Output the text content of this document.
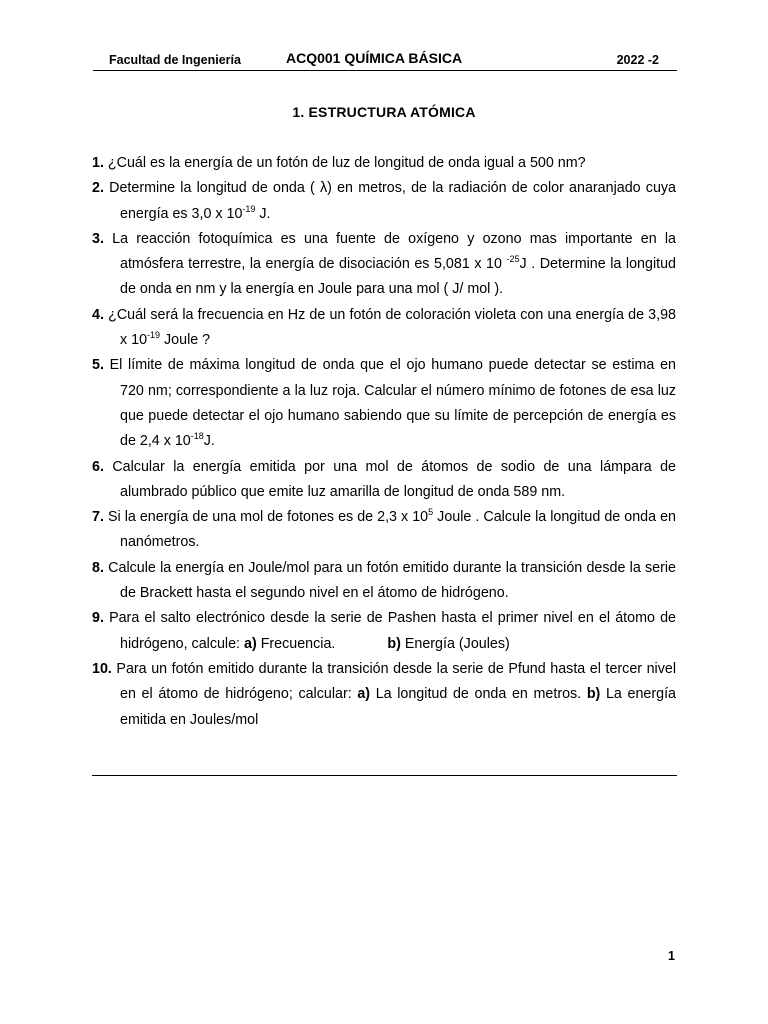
Facultad de Ingeniería	ACQ001 QUÍMICA BÁSICA	2022 -2
1. ESTRUCTURA ATÓMICA
1. ¿Cuál es la energía de un fotón de luz de longitud de onda igual a 500 nm?
2. Determine la longitud de onda ( λ) en metros, de la radiación de color anaranjado cuya energía es 3,0 x $10^{-19}$ J.
3. La reacción fotoquímica es una fuente de oxígeno y ozono mas importante en la atmósfera terrestre, la energía de disociación es 5,081 x 10 $^{-25}$J . Determine la longitud de onda en nm y la energía en Joule para una mol ( J/ mol ).
4. ¿Cuál será la frecuencia en Hz de un fotón de coloración violeta con una energía de 3,98 x $10^{-19}$ Joule ?
5. El límite de máxima longitud de onda que el ojo humano puede detectar se estima en 720 nm; correspondiente a la luz roja. Calcular el número mínimo de fotones de esa luz que puede detectar el ojo humano sabiendo que su límite de percepción de energía es de 2,4 x $10^{-18}J$.
6. Calcular la energía emitida por una mol de átomos de sodio de una lámpara de alumbrado público que emite luz amarilla de longitud de onda 589 nm.
7. Si la energía de una mol de fotones es de 2,3 x $10^5$ Joule . Calcule la longitud de onda en nanómetros.
8. Calcule la energía en Joule/mol para un fotón emitido durante la transición desde la serie de Brackett hasta el segundo nivel en el átomo de hidrógeno.
9. Para el salto electrónico desde la serie de Pashen hasta el primer nivel en el átomo de hidrógeno, calcule: a) Frecuencia.	b) Energía (Joules)
10. Para un fotón emitido durante la transición desde la serie de Pfund hasta el tercer nivel en el átomo de hidrógeno; calcular: a) La longitud de onda en metros. b) La energía emitida en Joules/mol
1
